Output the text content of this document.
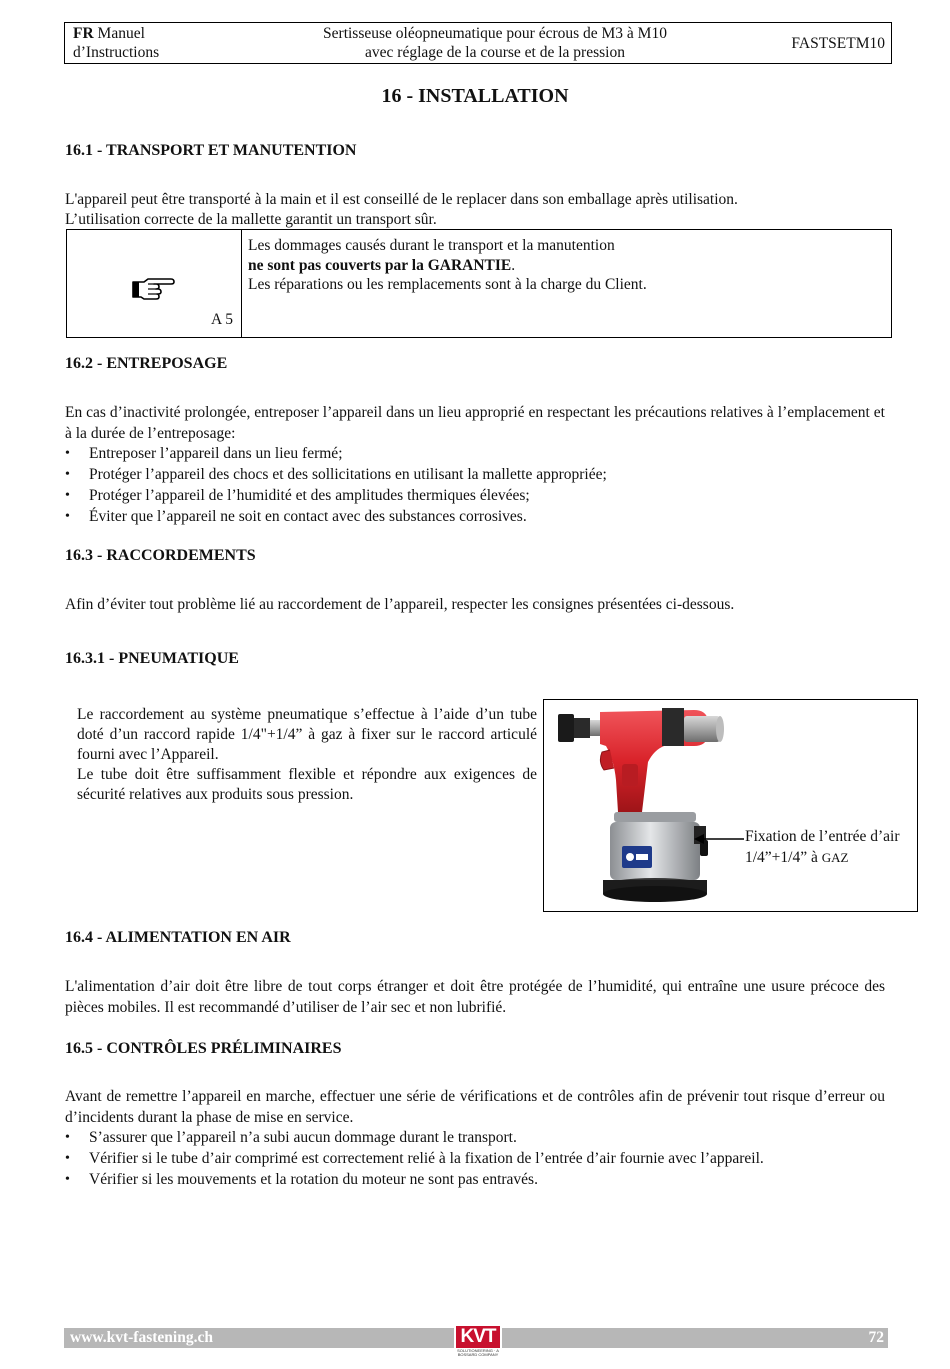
FR Manuel
d’Instructions
Sertisseuse oléopneumatique pour écrous de M3 à M10
avec réglage de la course et de la pression
FASTSETM10
16 - INSTALLATION
16.1 - TRANSPORT ET MANUTENTION

L'appareil peut être transporté à la main et il est conseillé de le replacer dans son emballage après utilisation.

L’utilisation correcte de la mallette garantit un transport sûr.

A 5
Les dommages causés durant le transport et la manutention
ne sont pas couverts par la GARANTIE.
Les réparations ou les remplacements sont à la charge du Client.
16.2 - ENTREPOSAGE

En cas d’inactivité prolongée, entreposer l’appareil dans un lieu approprié en respectant les précautions relatives à l’emplacement et à la durée de l’entreposage:

• Entreposer l’appareil dans un lieu fermé;
• Protéger l’appareil des chocs et des sollicitations en utilisant la mallette appropriée;
• Protéger l’appareil de l’humidité et des amplitudes thermiques élevées;
• Éviter que l’appareil ne soit en contact avec des substances corrosives.
16.3 - RACCORDEMENTS

Afin d’éviter tout problème lié au raccordement de l’appareil, respecter les consignes présentées ci-dessous.

16.3.1 - PNEUMATIQUE

Le raccordement au système pneumatique s’effectue à l’aide d’un tube doté d’un raccord rapide 1/4"+1/4” à gaz à fixer sur le raccord articulé fourni avec l’Appareil.

Le tube doit être suffisamment flexible et répondre aux exigences de sécurité relatives aux produits sous pression.

Fixation de l’entrée d’air
1/4”+1/4” à GAZ
16.4 - ALIMENTATION EN AIR

L'alimentation d’air doit être libre de tout corps étranger et doit être protégée de l’humidité, qui entraîne une usure précoce des pièces mobiles. Il est recommandé d’utiliser de l’air sec et non lubrifié.

16.5 - CONTRÔLES PRÉLIMINAIRES

Avant de remettre l’appareil en marche, effectuer une série de vérifications et de contrôles afin de prévenir tout risque d’erreur ou d’incidents durant la phase de mise en service.

• S’assurer que l’appareil n’a subi aucun dommage durant le transport.
• Vérifier si le tube d’air comprimé est correctement relié à la fixation de l’entrée d’air fournie avec l’appareil.
• Vérifier si les mouvements et la rotation du moteur ne sont pas entravés.
www.kvt-fastening.ch	72
KVT
SOLUTIONEERING · A BOSSARD COMPANY
